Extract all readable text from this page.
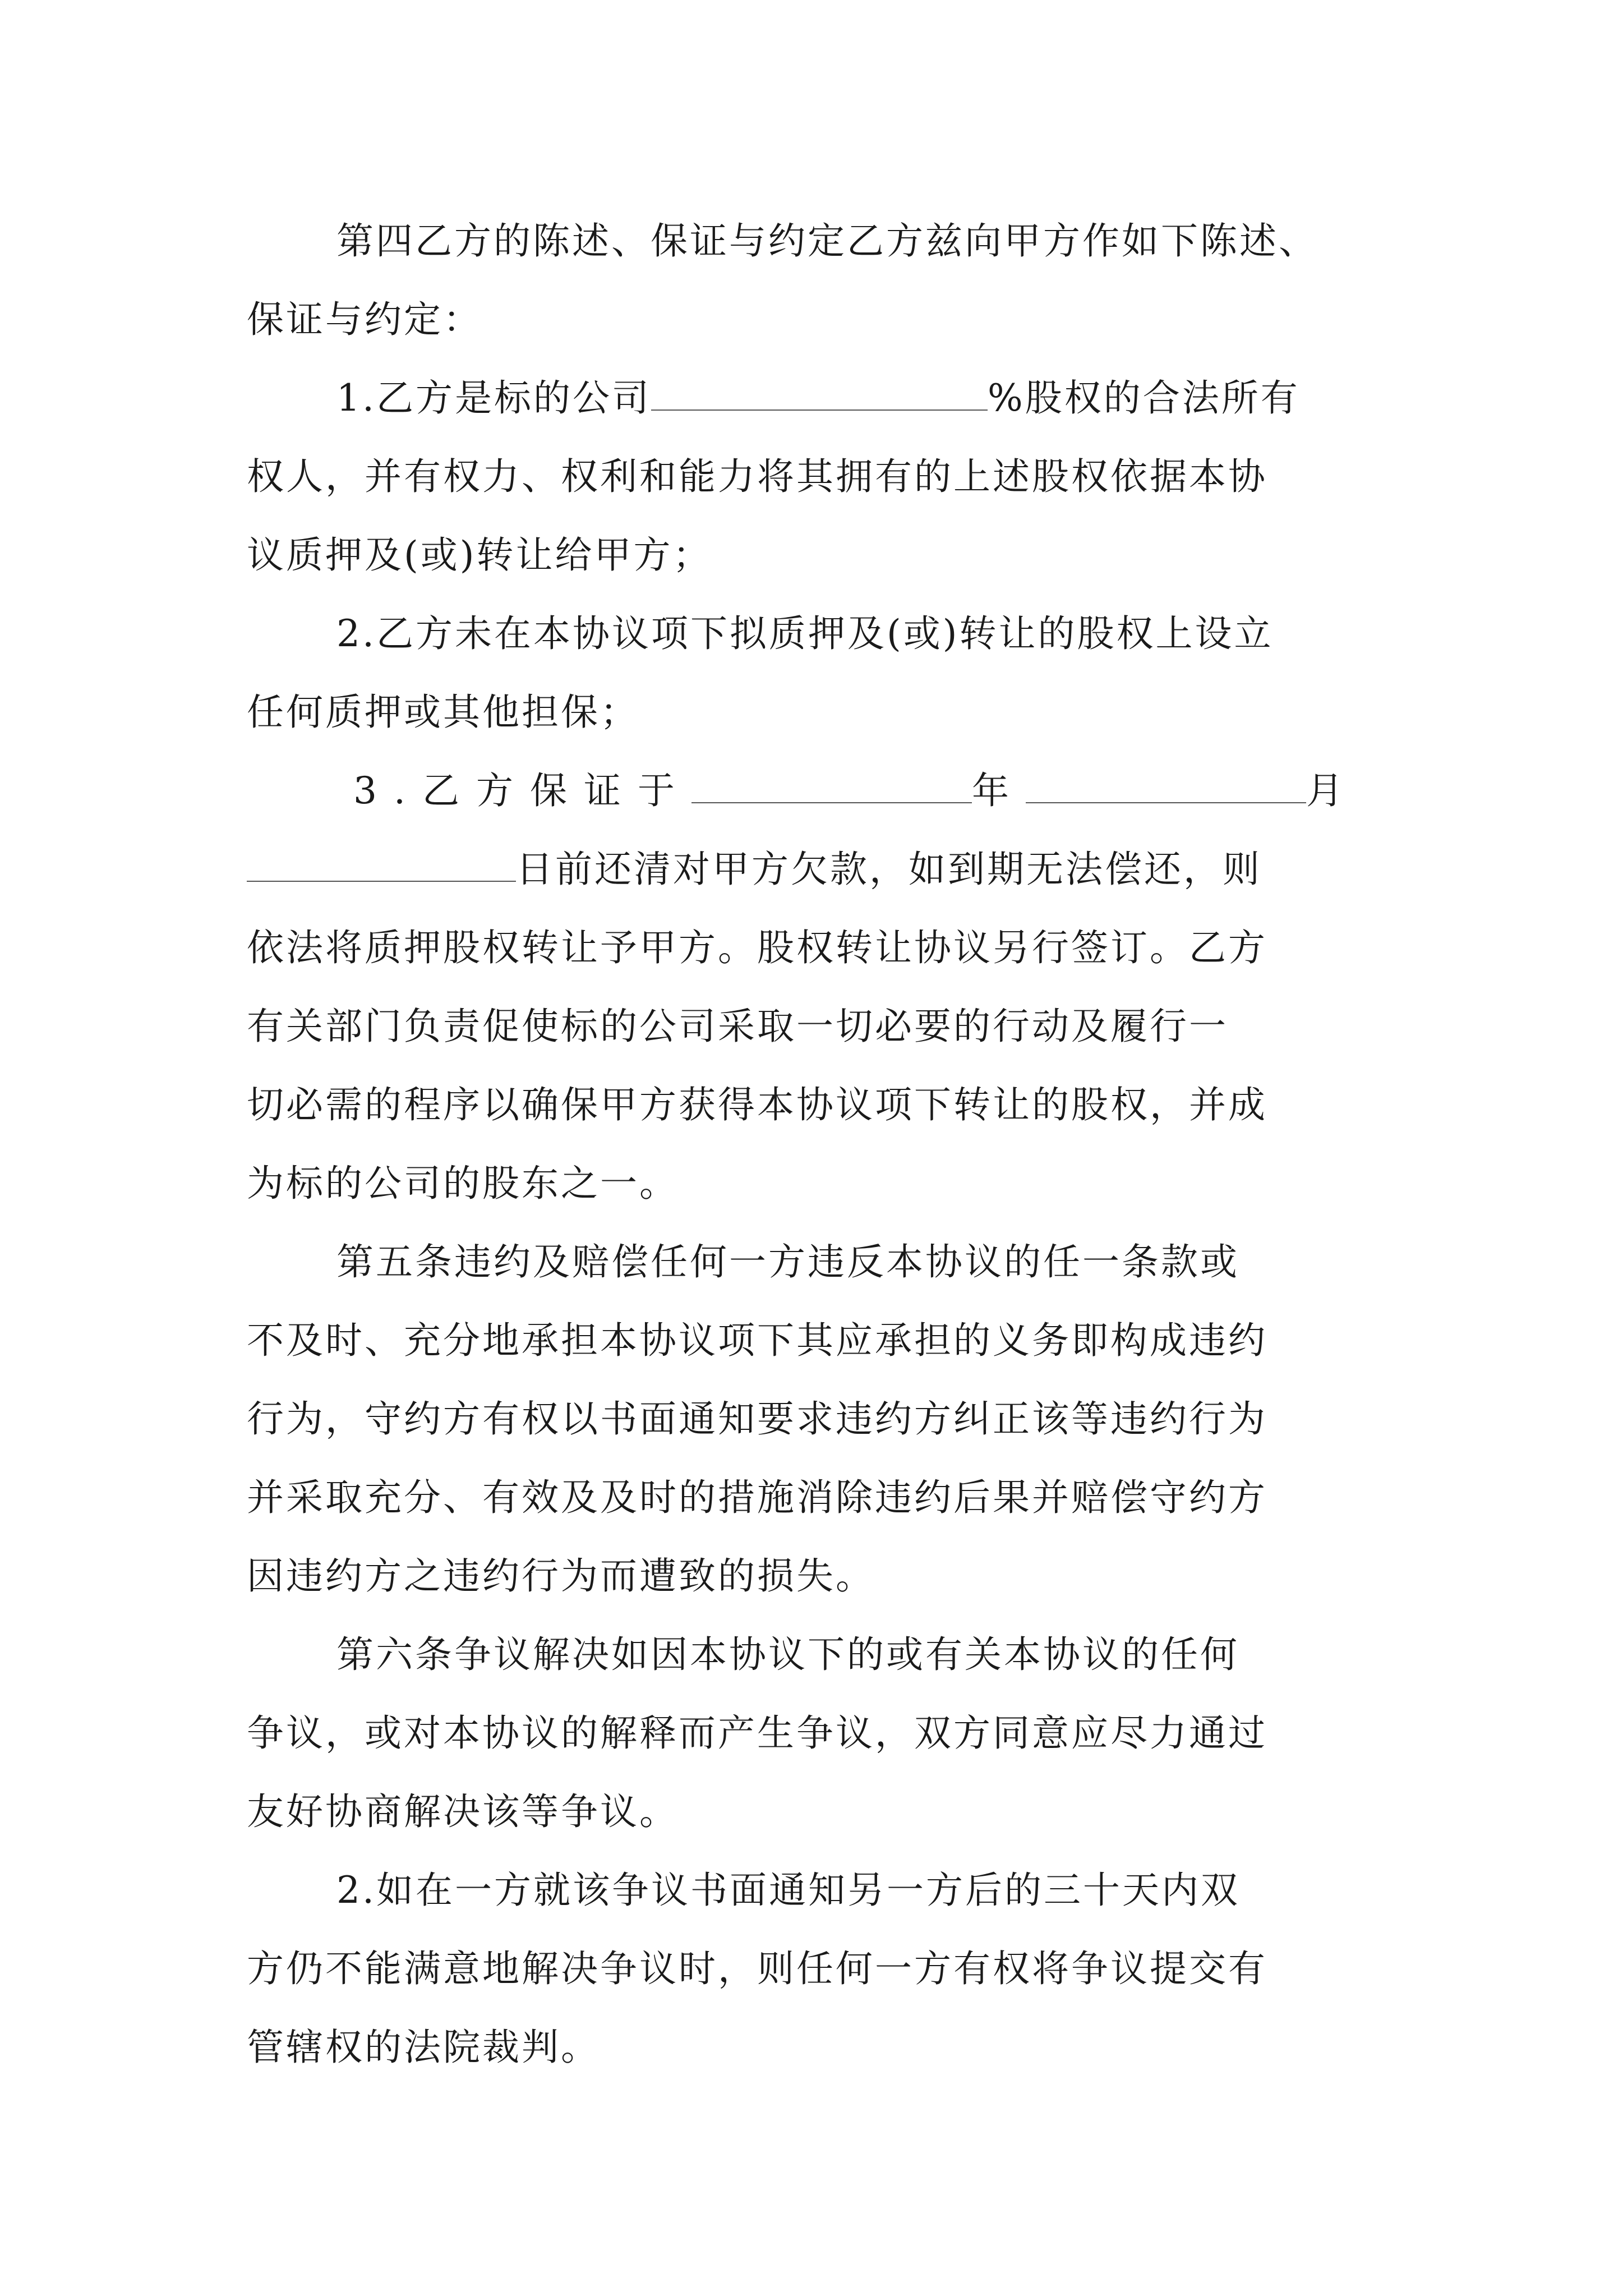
第四乙方的陈述、保证与约定乙方兹向甲方作如下陈述、
保证与约定：
1.乙方是标的公司	%股权的合法所有
权人，并有权力、权利和能力将其拥有的上述股权依据本协
议质押及(或)转让给甲方；
2.乙方未在本协议项下拟质押及(或)转让的股权上设立
任何质押或其他担保；
3.乙方保证于	年	月
日前还清对甲方欠款，如到期无法偿还，则
依法将质押股权转让予甲方。股权转让协议另行签订。乙方
有关部门负责促使标的公司采取一切必要的行动及履行一
切必需的程序以确保甲方获得本协议项下转让的股权，并成
为标的公司的股东之一。
第五条违约及赔偿任何一方违反本协议的任一条款或
不及时、充分地承担本协议项下其应承担的义务即构成违约
行为，守约方有权以书面通知要求违约方纠正该等违约行为
并采取充分、有效及及时的措施消除违约后果并赔偿守约方
因违约方之违约行为而遭致的损失。
第六条争议解决如因本协议下的或有关本协议的任何
争议，或对本协议的解释而产生争议，双方同意应尽力通过
友好协商解决该等争议。
2.如在一方就该争议书面通知另一方后的三十天内双
方仍不能满意地解决争议时，则任何一方有权将争议提交有
管辖权的法院裁判。
